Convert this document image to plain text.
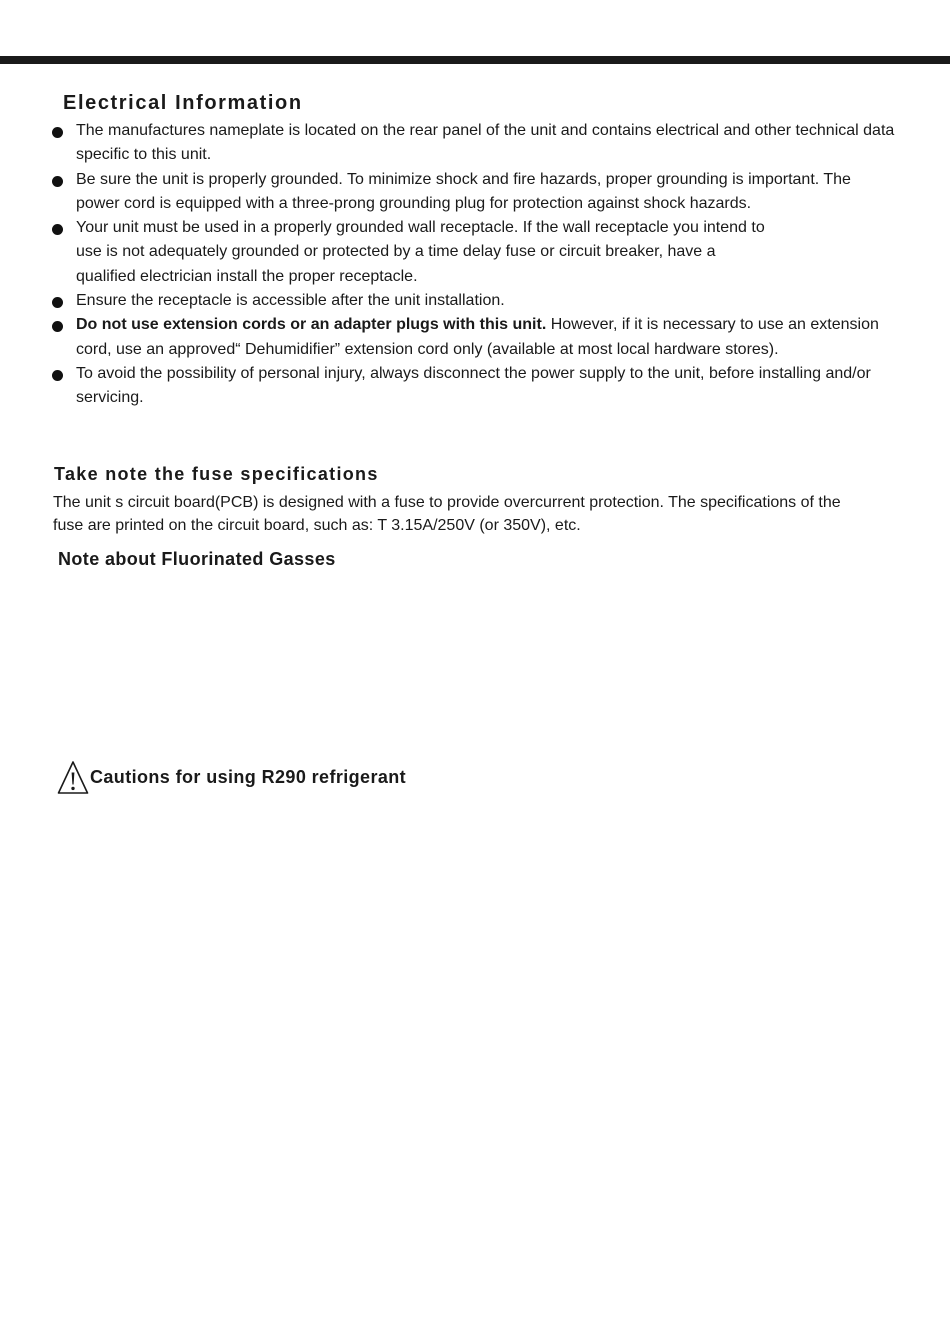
Electrical Information
The manufactures nameplate is located on the rear panel of the unit and contains electrical and other technical data specific to this unit.
Be sure the unit is properly grounded. To minimize shock and fire hazards, proper grounding is important. The power cord is equipped with a three-prong grounding plug for protection against shock hazards.
Your unit must be used in a properly grounded wall receptacle. If the wall receptacle you intend to use is not adequately grounded or protected by a time delay fuse or circuit breaker, have a qualified electrician install the proper receptacle.
Ensure the receptacle is accessible after the unit installation.
Do not use extension cords or an adapter plugs with this unit. However, if it is necessary to use an extension cord, use an approved“ Dehumidifier” extension cord only (available at most local hardware stores).
To avoid the possibility of personal injury, always disconnect the power supply to the unit, before installing and/or servicing.
Take note the fuse specifications

The unit s circuit board(PCB) is designed with a fuse to provide overcurrent protection. The specifications of the fuse are printed on the circuit board, such as: T 3.15A/250V (or 350V), etc.

Note about Fluorinated Gasses
Cautions for using R290 refrigerant
